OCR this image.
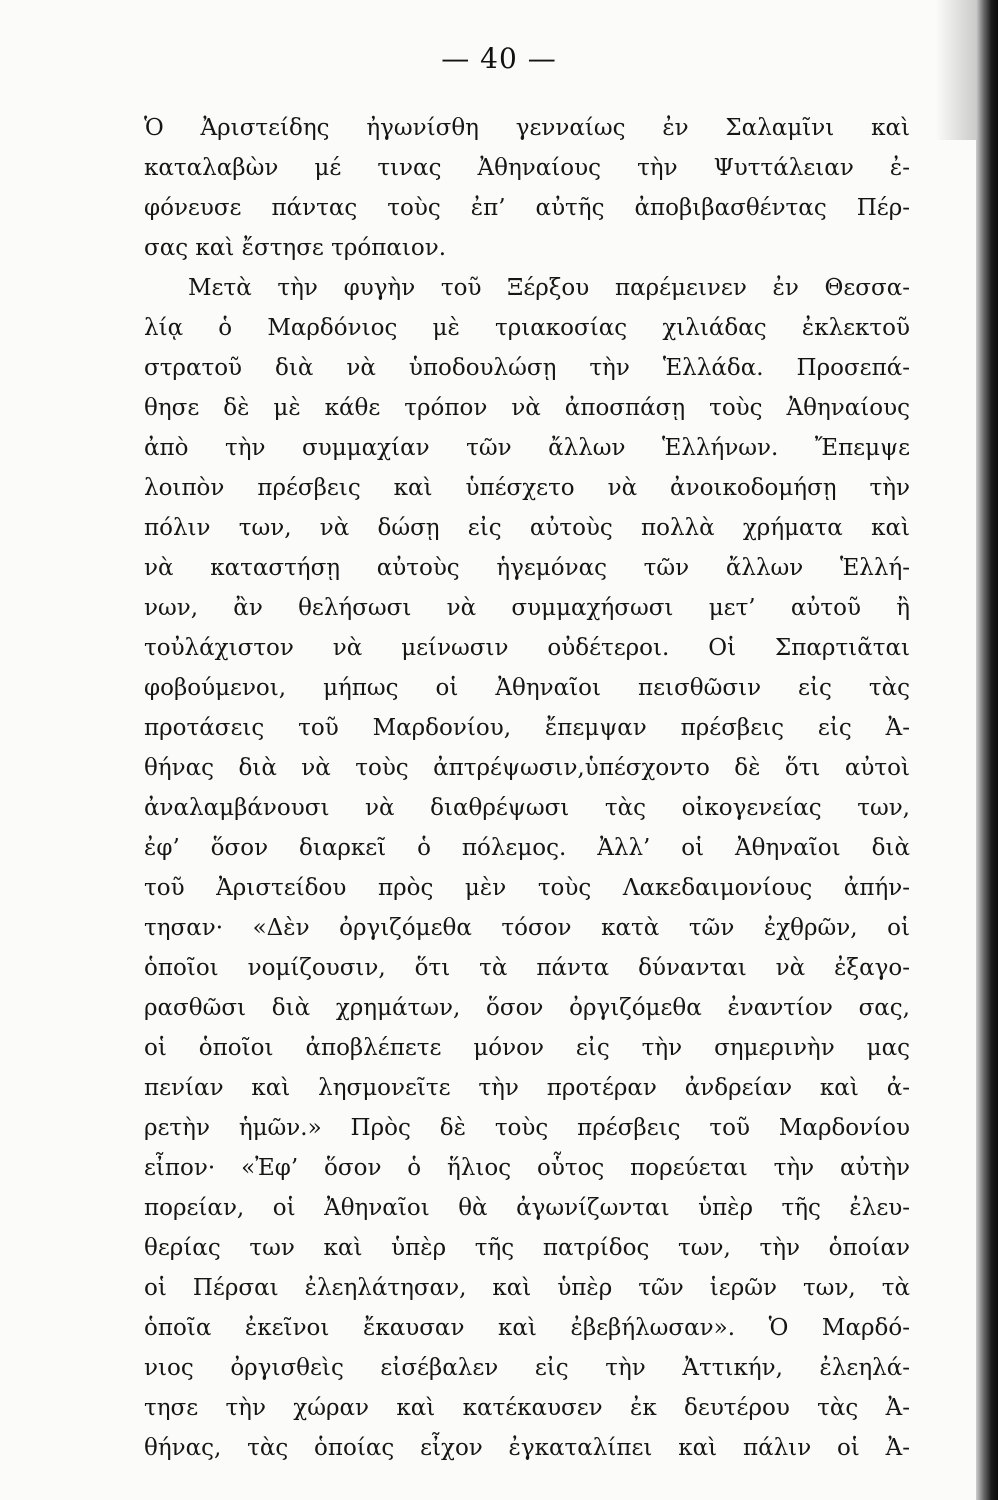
— 40 —
Ὁ Ἀριστείδης ἠγωνίσθη γενναίως ἐν Σαλαμῖνι καὶ
καταλαβὼν μέ τινας Ἀθηναίους τὴν Ψυττάλειαν ἐ-
φόνευσε πάντας τοὺς ἐπ’ αὐτῆς ἀποβιβασθέντας Πέρ-
σας καὶ ἔστησε τρόπαιον.
Μετὰ τὴν φυγὴν τοῦ Ξέρξου παρέμεινεν ἐν Θεσσα-
λίᾳ ὁ Μαρδόνιος μὲ τριακοσίας χιλιάδας ἐκλεκτοῦ
στρατοῦ διὰ νὰ ὑποδουλώσῃ τὴν Ἑλλάδα. Προσεπά-
θησε δὲ μὲ κάθε τρόπον νὰ ἀποσπάσῃ τοὺς Ἀθηναίους
ἀπὸ τὴν συμμαχίαν τῶν ἄλλων Ἑλλήνων. Ἔπεμψε
λοιπὸν πρέσβεις καὶ ὑπέσχετο νὰ ἀνοικοδομήσῃ τὴν
πόλιν των, νὰ δώσῃ εἰς αὐτοὺς πολλὰ χρήματα καὶ
νὰ καταστήσῃ αὐτοὺς ἡγεμόνας τῶν ἄλλων Ἑλλή-
νων, ἂν θελήσωσι νὰ συμμαχήσωσι μετ’ αὐτοῦ ἢ
τοὐλάχιστον νὰ μείνωσιν οὐδέτεροι. Οἱ Σπαρτιᾶται
φοβούμενοι, μήπως οἱ Ἀθηναῖοι πεισθῶσιν εἰς τὰς
προτάσεις τοῦ Μαρδονίου, ἔπεμψαν πρέσβεις εἰς Ἀ-
θήνας διὰ νὰ τοὺς ἀπτρέψωσιν,ὑπέσχοντο δὲ ὅτι αὐτοὶ
ἀναλαμβάνουσι νὰ διαθρέψωσι τὰς οἰκογενείας των,
ἐφ’ ὅσον διαρκεῖ ὁ πόλεμος. Ἀλλ’ οἱ Ἀθηναῖοι διὰ
τοῦ Ἀριστείδου πρὸς μὲν τοὺς Λακεδαιμονίους ἀπήν-
τησαν· «Δὲν ὀργιζόμεθα τόσον κατὰ τῶν ἐχθρῶν, οἱ
ὁποῖοι νομίζουσιν, ὅτι τὰ πάντα δύνανται νὰ ἐξαγο-
ρασθῶσι διὰ χρημάτων, ὅσον ὀργιζόμεθα ἐναντίον σας,
οἱ ὁποῖοι ἀποβλέπετε μόνον εἰς τὴν σημερινὴν μας
πενίαν καὶ λησμονεῖτε τὴν προτέραν ἀνδρείαν καὶ ἀ-
ρετὴν ἡμῶν.» Πρὸς δὲ τοὺς πρέσβεις τοῦ Μαρδονίου
εἶπον· «Ἐφ’ ὅσον ὁ ἥλιος οὗτος πορεύεται τὴν αὐτὴν
πορείαν, οἱ Ἀθηναῖοι θὰ ἀγωνίζωνται ὑπὲρ τῆς ἐλευ-
θερίας των καὶ ὑπὲρ τῆς πατρίδος των, τὴν ὁποίαν
οἱ Πέρσαι ἐλεηλάτησαν, καὶ ὑπὲρ τῶν ἱερῶν των, τὰ
ὁποῖα ἐκεῖνοι ἔκαυσαν καὶ ἐβεβήλωσαν». Ὁ Μαρδό-
νιος ὀργισθεὶς εἰσέβαλεν εἰς τὴν Ἀττικήν, ἐλεηλά-
τησε τὴν χώραν καὶ κατέκαυσεν ἐκ δευτέρου τὰς Ἀ-
θήνας, τὰς ὁποίας εἶχον ἐγκαταλίπει καὶ πάλιν οἱ Ἀ-
